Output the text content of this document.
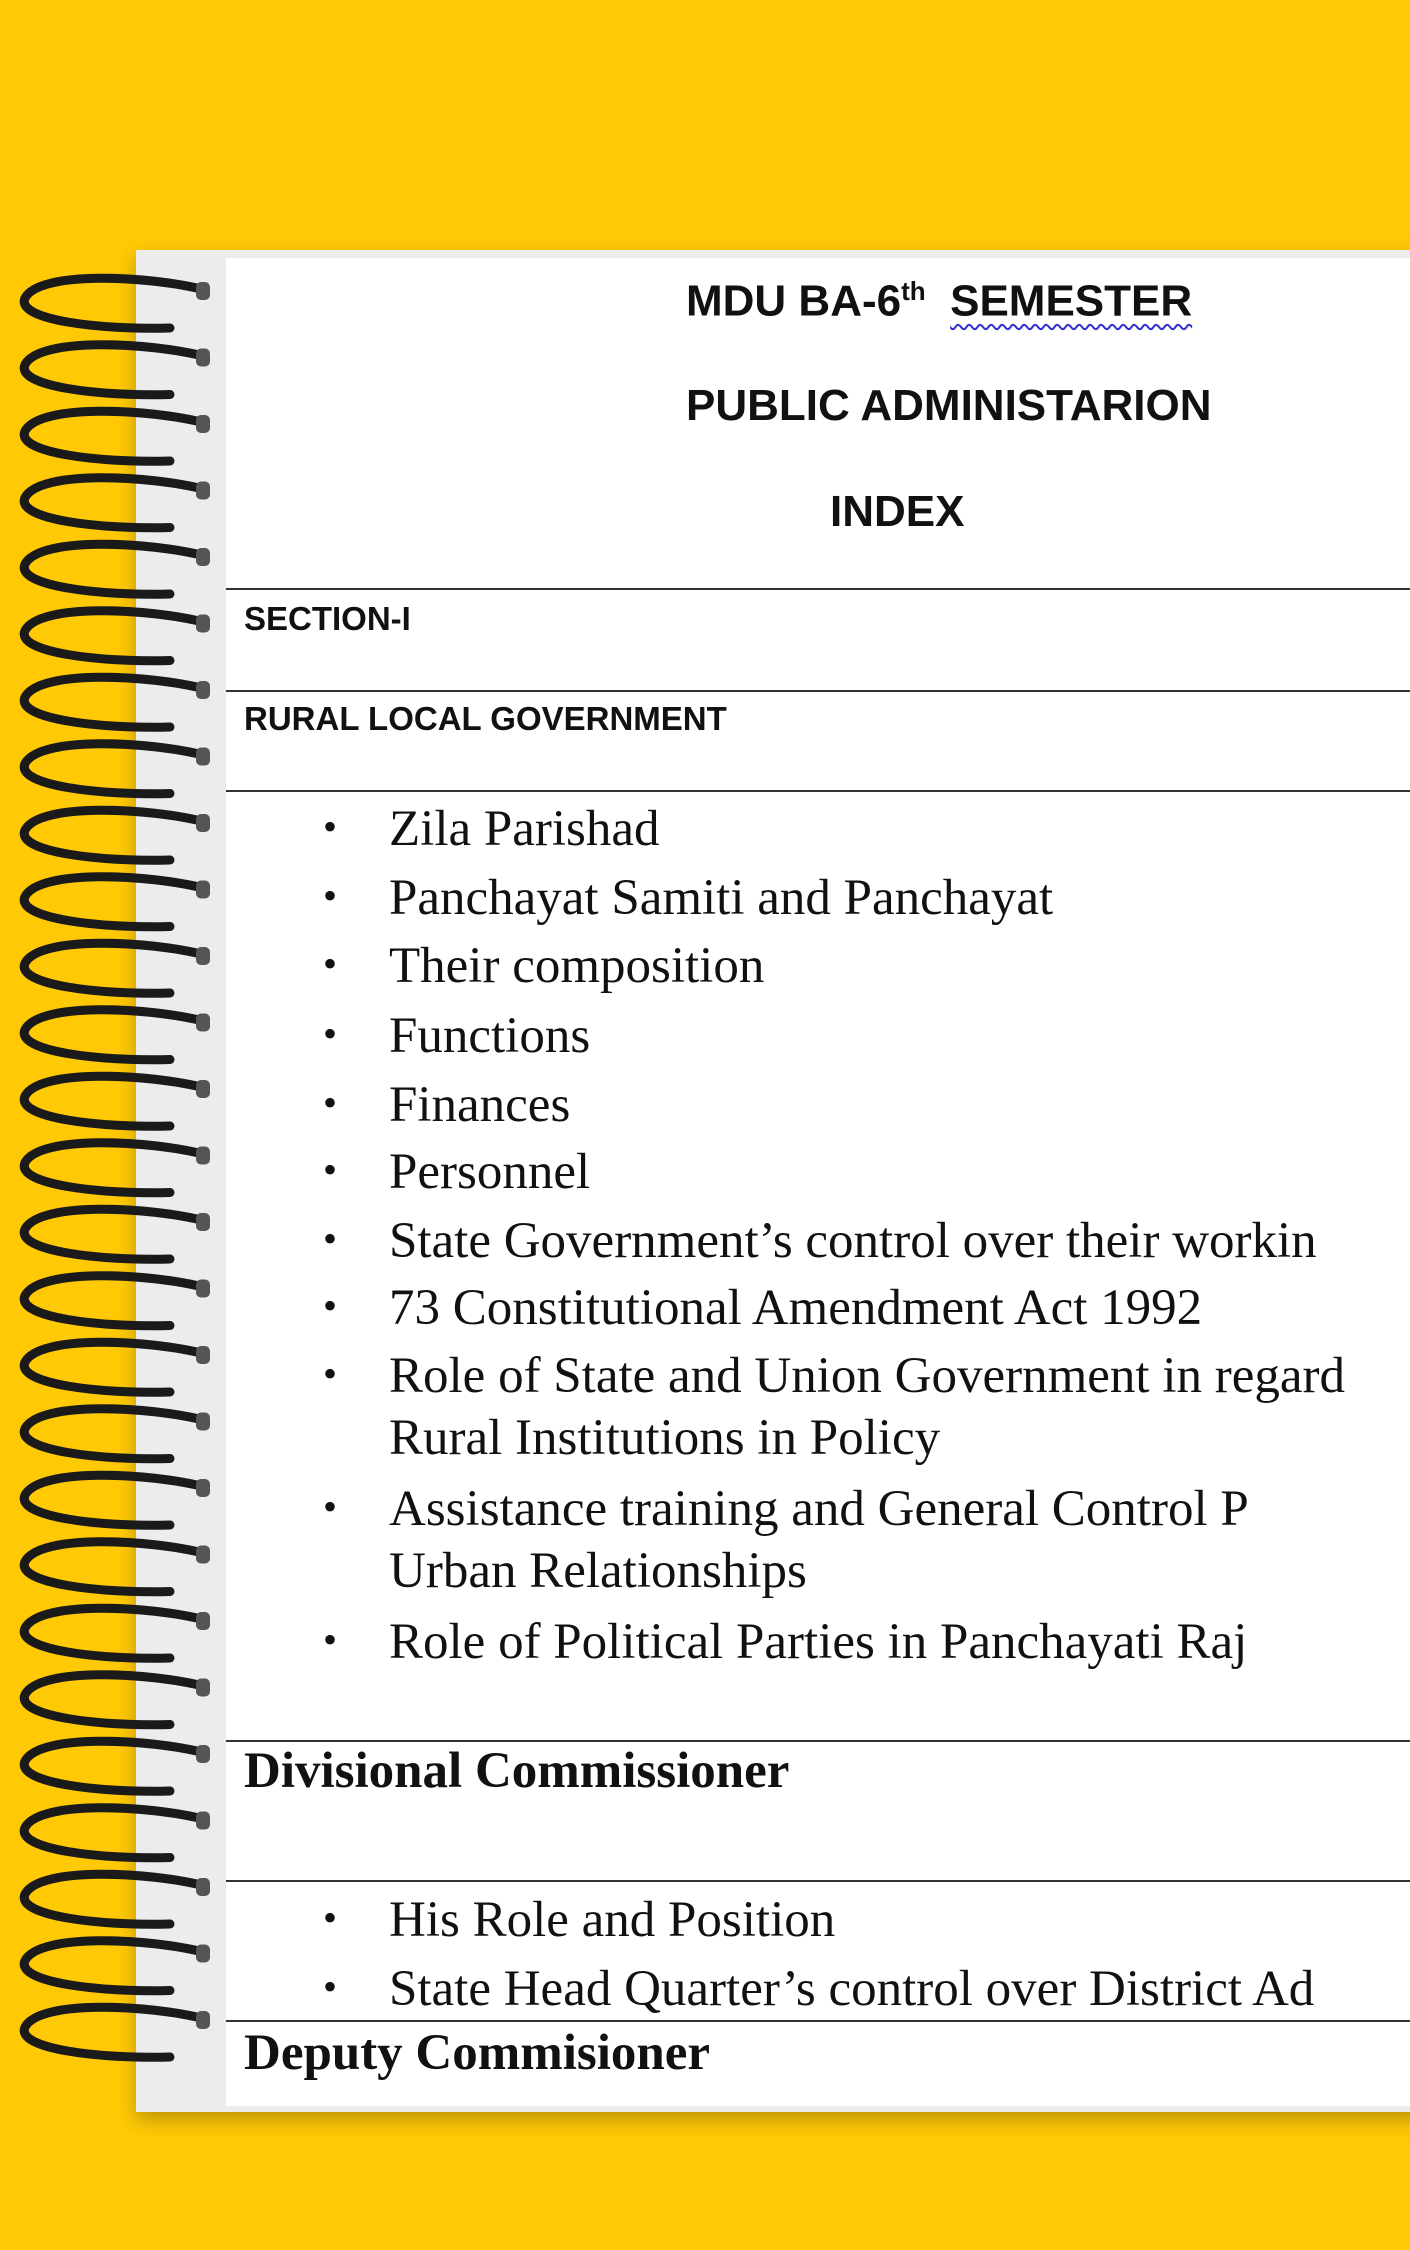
MDU BA-6th SEMESTER
PUBLIC ADMINISTARION
INDEX
SECTION-I
RURAL LOCAL GOVERNMENT
• Zila Parishad
• Panchayat Samiti and Panchayat
• Their composition
• Functions
• Finances
• Personnel
• State Government’s control over their workin
• 73 Constitutional Amendment Act 1992
• Role of State and Union Government in regard
Rural Institutions in Policy
• Assistance training and General Control P
Urban Relationships
• Role of Political Parties in Panchayati Raj
Divisional Commissioner
• His Role and Position
• State Head Quarter’s control over District Ad
Deputy Commisioner
